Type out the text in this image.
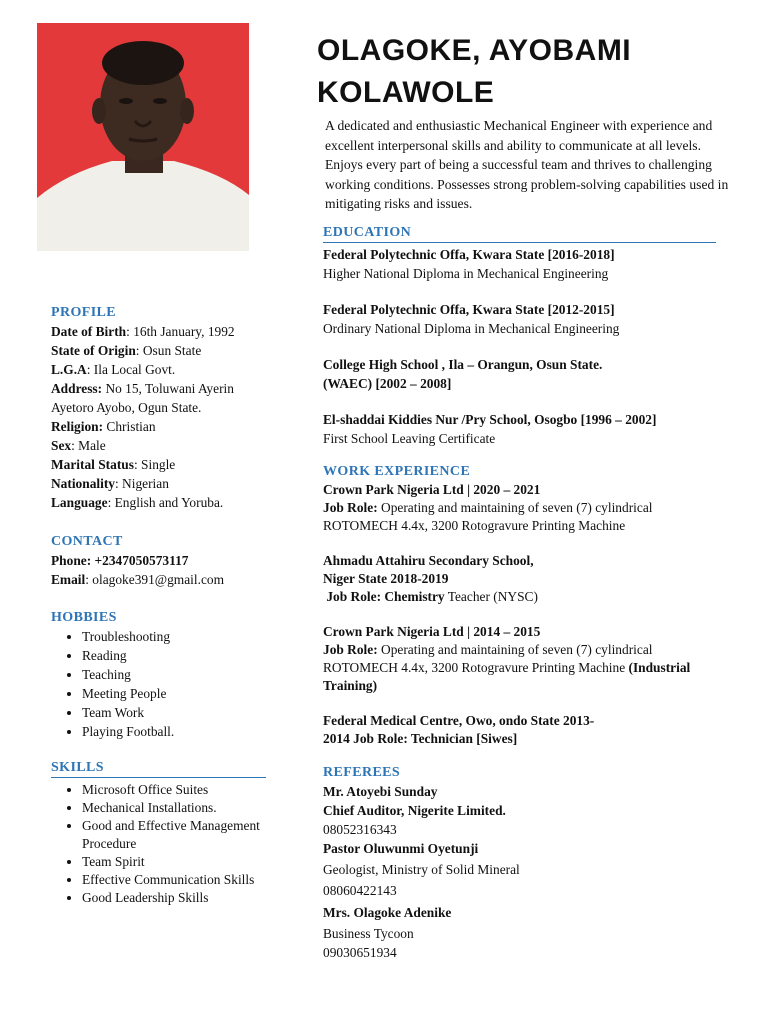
OLAGOKE, AYOBAMI
KOLAWOLE
A dedicated and enthusiastic Mechanical Engineer with experience and excellent interpersonal skills and ability to communicate at all levels. Enjoys every part of being a successful team and thrives to challenging working conditions. Possesses strong problem-solving capabilities used in mitigating risks and issues.
PROFILE
Date of Birth: 16th January, 1992
State of Origin: Osun State
L.G.A: Ila Local Govt.
Address: No 15, Toluwani Ayerin Ayetoro Ayobo, Ogun State.
Religion: Christian
Sex: Male
Marital Status: Single
Nationality: Nigerian
Language: English and Yoruba.
CONTACT
Phone: +2347050573117
Email: olagoke391@gmail.com
HOBBIES
• Troubleshooting
• Reading
• Teaching
• Meeting People
• Team Work
• Playing Football.
SKILLS
• Microsoft Office Suites
• Mechanical Installations.
• Good and Effective Management Procedure
• Team Spirit
• Effective Communication Skills
• Good Leadership Skills
EDUCATION
Federal Polytechnic Offa, Kwara State [2016-2018]
Higher National Diploma in Mechanical Engineering
Federal Polytechnic Offa, Kwara State [2012-2015]
Ordinary National Diploma in Mechanical Engineering
College High School , Ila – Orangun, Osun State.
(WAEC) [2002 – 2008]
El-shaddai Kiddies Nur /Pry School, Osogbo [1996 – 2002]
First School Leaving Certificate
WORK EXPERIENCE
Crown Park Nigeria Ltd | 2020 – 2021
Job Role: Operating and maintaining of seven (7) cylindrical ROTOMECH 4.4x, 3200 Rotogravure Printing Machine
Ahmadu Attahiru Secondary School,
Niger State 2018-2019
Job Role: Chemistry Teacher (NYSC)
Crown Park Nigeria Ltd | 2014 – 2015
Job Role: Operating and maintaining of seven (7) cylindrical ROTOMECH 4.4x, 3200 Rotogravure Printing Machine (Industrial Training)
Federal Medical Centre, Owo, ondo State 2013-
2014 Job Role: Technician [Siwes]
REFEREES
Mr. Atoyebi Sunday
Chief Auditor, Nigerite Limited.
08052316343
Pastor Oluwunmi Oyetunji
Geologist, Ministry of Solid Mineral
08060422143
Mrs. Olagoke Adenike
Business Tycoon
09030651934
